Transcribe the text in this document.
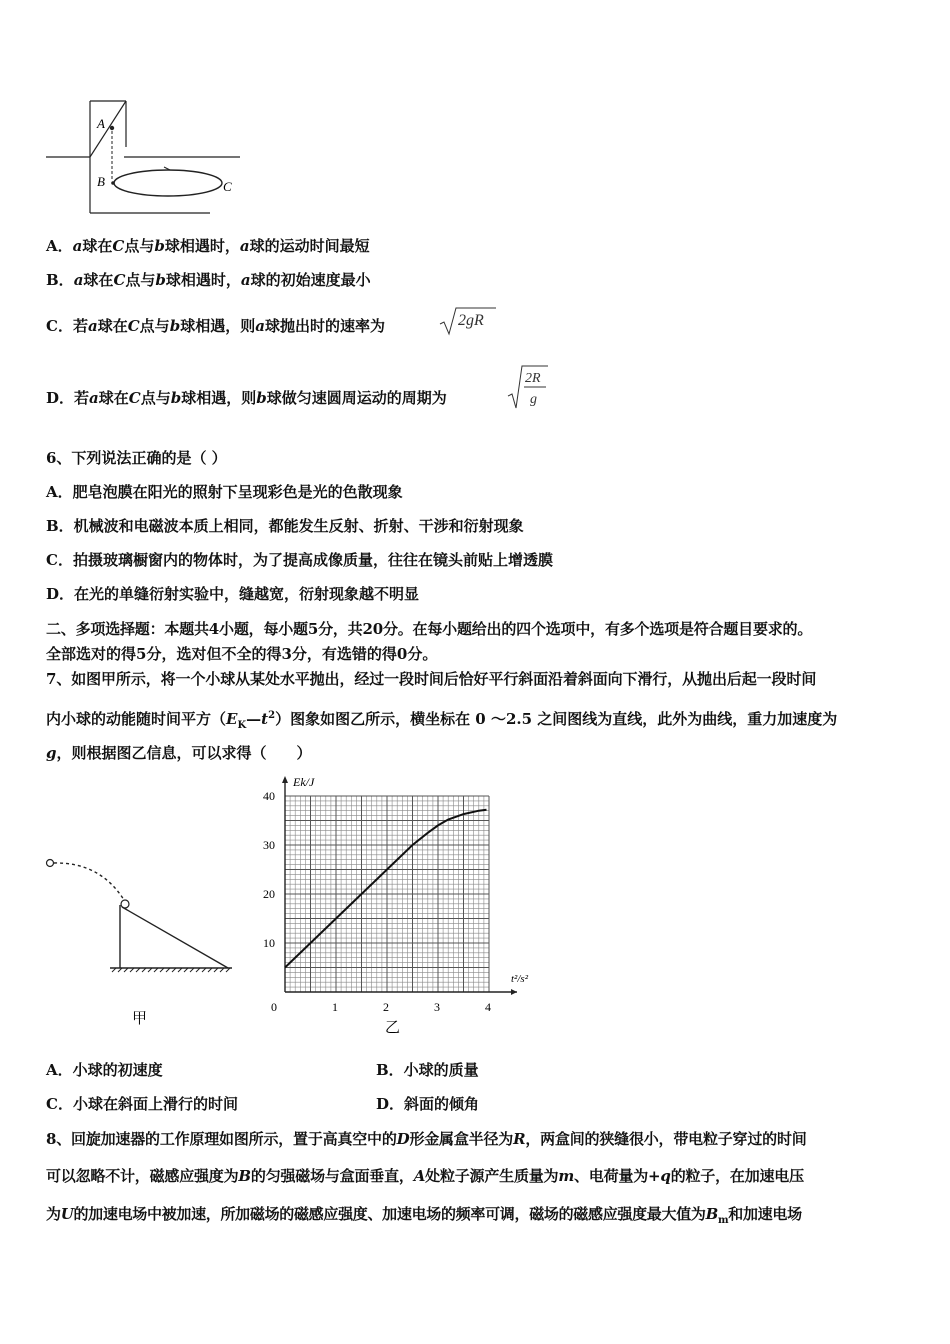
A
B	C
A．a球在C点与b球相遇时，a球的运动时间最短
B．a球在C点与b球相遇时，a球的初始速度最小
C．若a球在C点与b球相遇，则a球抛出时的速率为	2gR
D．若a球在C点与b球相遇，则b球做匀速圆周运动的周期为
2R
g
6、下列说法正确的是（ ）
A．肥皂泡膜在阳光的照射下呈现彩色是光的色散现象
B．机械波和电磁波本质上相同，都能发生反射、折射、干涉和衍射现象
C．拍摄玻璃橱窗内的物体时，为了提高成像质量，往往在镜头前贴上增透膜
D．在光的单缝衍射实验中，缝越宽，衍射现象越不明显
二、多项选择题：本题共4小题，每小题5分，共20分。在每小题给出的四个选项中，有多个选项是符合题目要求的。
全部选对的得5分，选对但不全的得3分，有选错的得0分。
7、如图甲所示，将一个小球从某处水平抛出，经过一段时间后恰好平行斜面沿着斜面向下滑行，从抛出后起一段时间
内小球的动能随时间平方$(E_K—t^2)$图象如图乙所示，横坐标在 0 ～2.5 之间图线为直线，此外为曲线，重力加速度为
g，则根据图乙信息，可以求得（　　）
甲
10
20
30
40
0	1	2	3	4
Ek/J
t²/s²
乙
A．小球的初速度	B．小球的质量
C．小球在斜面上滑行的时间	D．斜面的倾角
8、回旋加速器的工作原理如图所示，置于高真空中的D形金属盒半径为R，两盒间的狭缝很小，带电粒子穿过的时间
可以忽略不计，磁感应强度为B的匀强磁场与盒面垂直，A处粒子源产生质量为m、电荷量为+q的粒子，在加速电压
为U的加速电场中被加速，所加磁场的磁感应强度、加速电场的频率可调，磁场的磁感应强度最大值为$B_m$和加速电场
